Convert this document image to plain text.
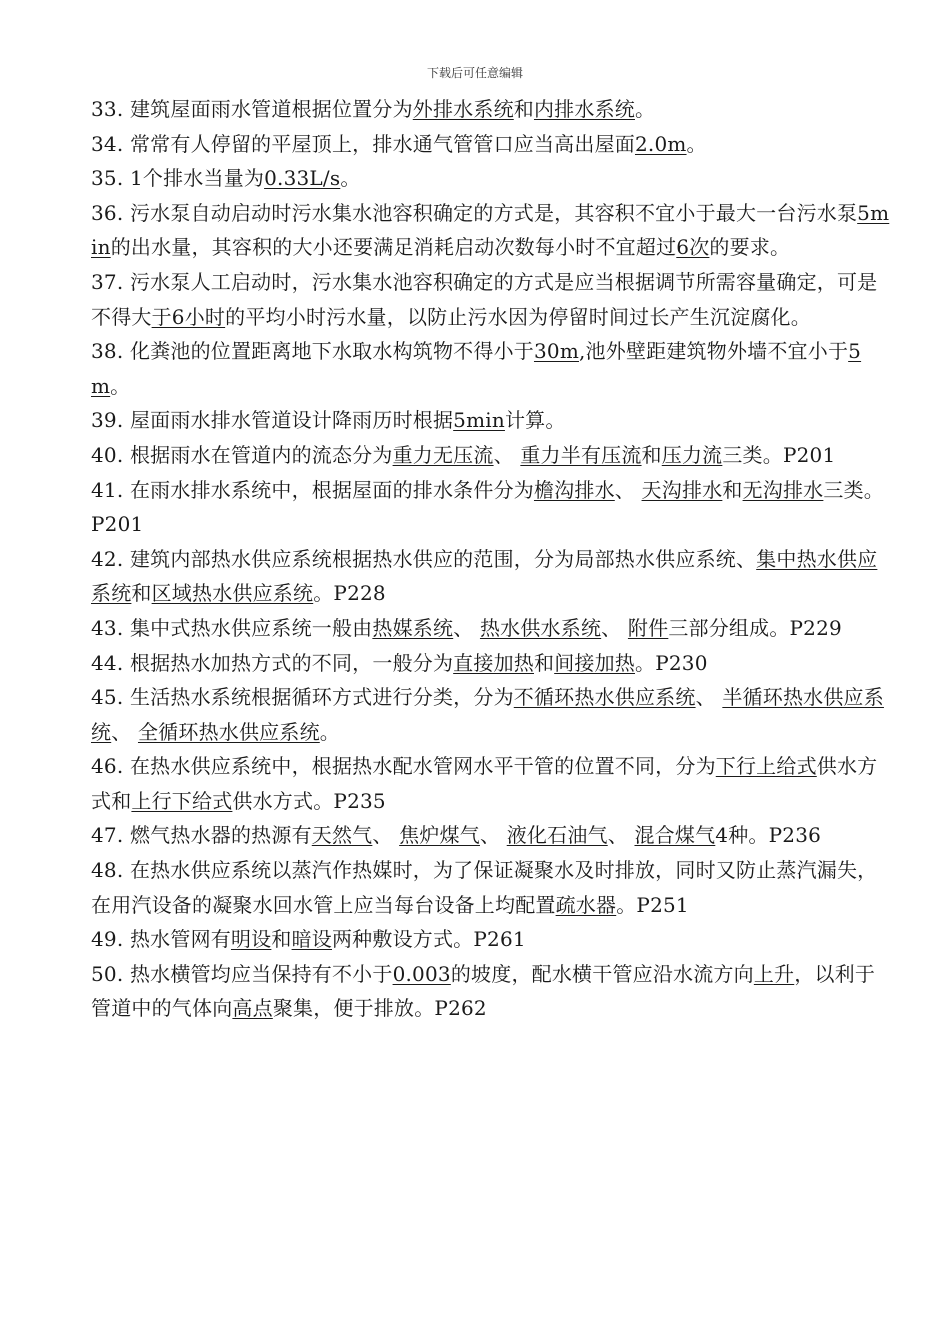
下载后可任意编辑

33. 建筑屋面雨水管道根据位置分为外排水系统和内排水系统。

34. 常常有人停留的平屋顶上，排水通气管管口应当高出屋面2.0m。

35. 1个排水当量为0.33L/s。

36. 污水泵自动启动时污水集水池容积确定的方式是，其容积不宜小于最大一台污水泵5min的出水量，其容积的大小还要满足消耗启动次数每小时不宜超过6次的要求。

37. 污水泵人工启动时，污水集水池容积确定的方式是应当根据调节所需容量确定，可是不得大于6小时的平均小时污水量，以防止污水因为停留时间过长产生沉淀腐化。

38. 化粪池的位置距离地下水取水构筑物不得小于30m,池外壁距建筑物外墙不宜小于5m。

39. 屋面雨水排水管道设计降雨历时根据5min计算。

40. 根据雨水在管道内的流态分为重力无压流、 重力半有压流和压力流三类。P201

41. 在雨水排水系统中，根据屋面的排水条件分为檐沟排水、 天沟排水和无沟排水三类。P201

42. 建筑内部热水供应系统根据热水供应的范围，分为局部热水供应系统、集中热水供应系统和区域热水供应系统。P228

43. 集中式热水供应系统一般由热媒系统、 热水供水系统、 附件三部分组成。P229

44. 根据热水加热方式的不同，一般分为直接加热和间接加热。P230

45. 生活热水系统根据循环方式进行分类，分为不循环热水供应系统、 半循环热水供应系统、 全循环热水供应系统。

46. 在热水供应系统中，根据热水配水管网水平干管的位置不同，分为下行上给式供水方式和上行下给式供水方式。P235

47. 燃气热水器的热源有天然气、 焦炉煤气、 液化石油气、 混合煤气4种。P236

48. 在热水供应系统以蒸汽作热媒时，为了保证凝聚水及时排放，同时又防止蒸汽漏失，在用汽设备的凝聚水回水管上应当每台设备上均配置疏水器。P251

49. 热水管网有明设和暗设两种敷设方式。P261

50. 热水横管均应当保持有不小于0.003的坡度，配水横干管应沿水流方向上升，以利于管道中的气体向高点聚集，便于排放。P262
